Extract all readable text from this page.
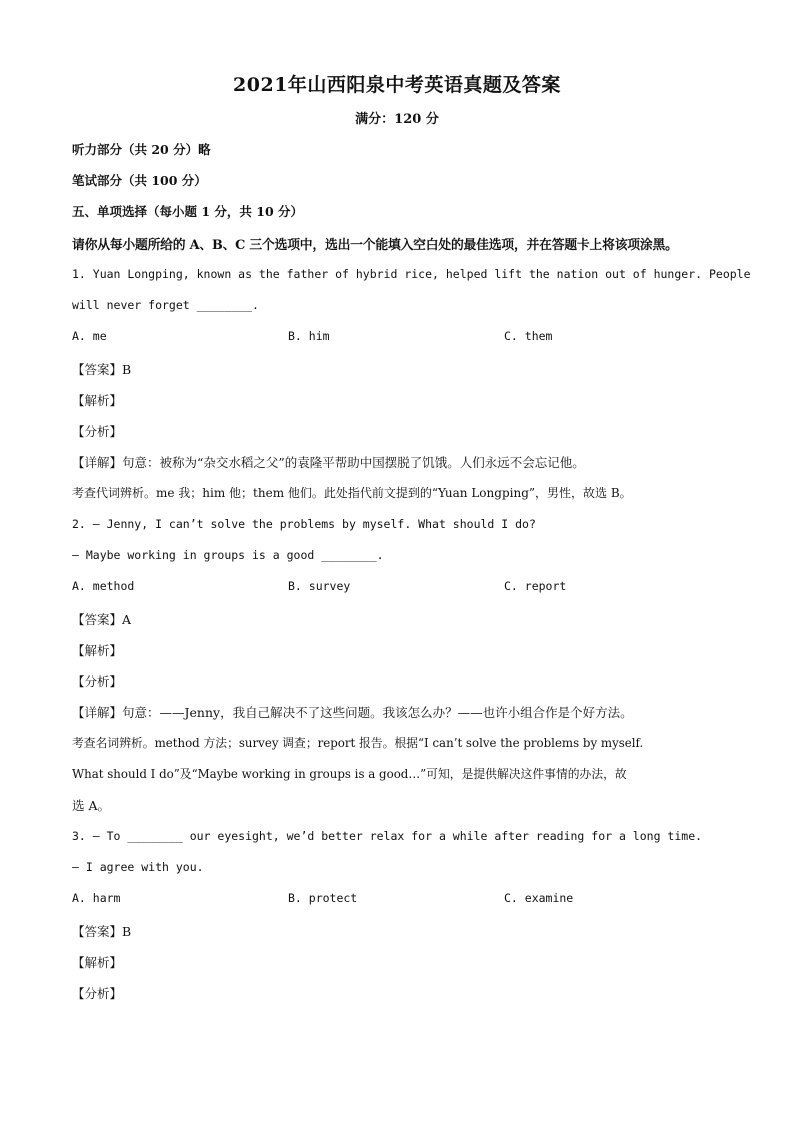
2021年山西阳泉中考英语真题及答案
满分：120 分
听力部分（共 20 分）略
笔试部分（共 100 分）
五、单项选择（每小题 1 分，共 10 分）
请你从每小题所给的 A、B、C 三个选项中，选出一个能填入空白处的最佳选项，并在答题卡上将该项涂黑。
1. Yuan Longping, known as the father of hybrid rice, helped lift the nation out of hunger. People
will never forget ________.
A. me	B. him	C. them
【答案】B
【解析】
【分析】
【详解】句意：被称为“杂交水稻之父”的袁隆平帮助中国摆脱了饥饿。人们永远不会忘记他。
考查代词辨析。me 我；him 他；them 他们。此处指代前文提到的“Yuan Longping”，男性，故选 B。
2. — Jenny, I can’t solve the problems by myself. What should I do?
— Maybe working in groups is a good ________.
A. method	B. survey	C. report
【答案】A
【解析】
【分析】
【详解】句意：——Jenny，我自己解决不了这些问题。我该怎么办？——也许小组合作是个好方法。
考查名词辨析。method 方法；survey 调查；report 报告。根据“I can’t solve the problems by myself.
What should I do”及“Maybe working in groups is a good…”可知，是提供解决这件事情的办法，故
选 A。
3. — To ________ our eyesight, we’d better relax for a while after reading for a long time.
— I agree with you.
A. harm	B. protect	C. examine
【答案】B
【解析】
【分析】
